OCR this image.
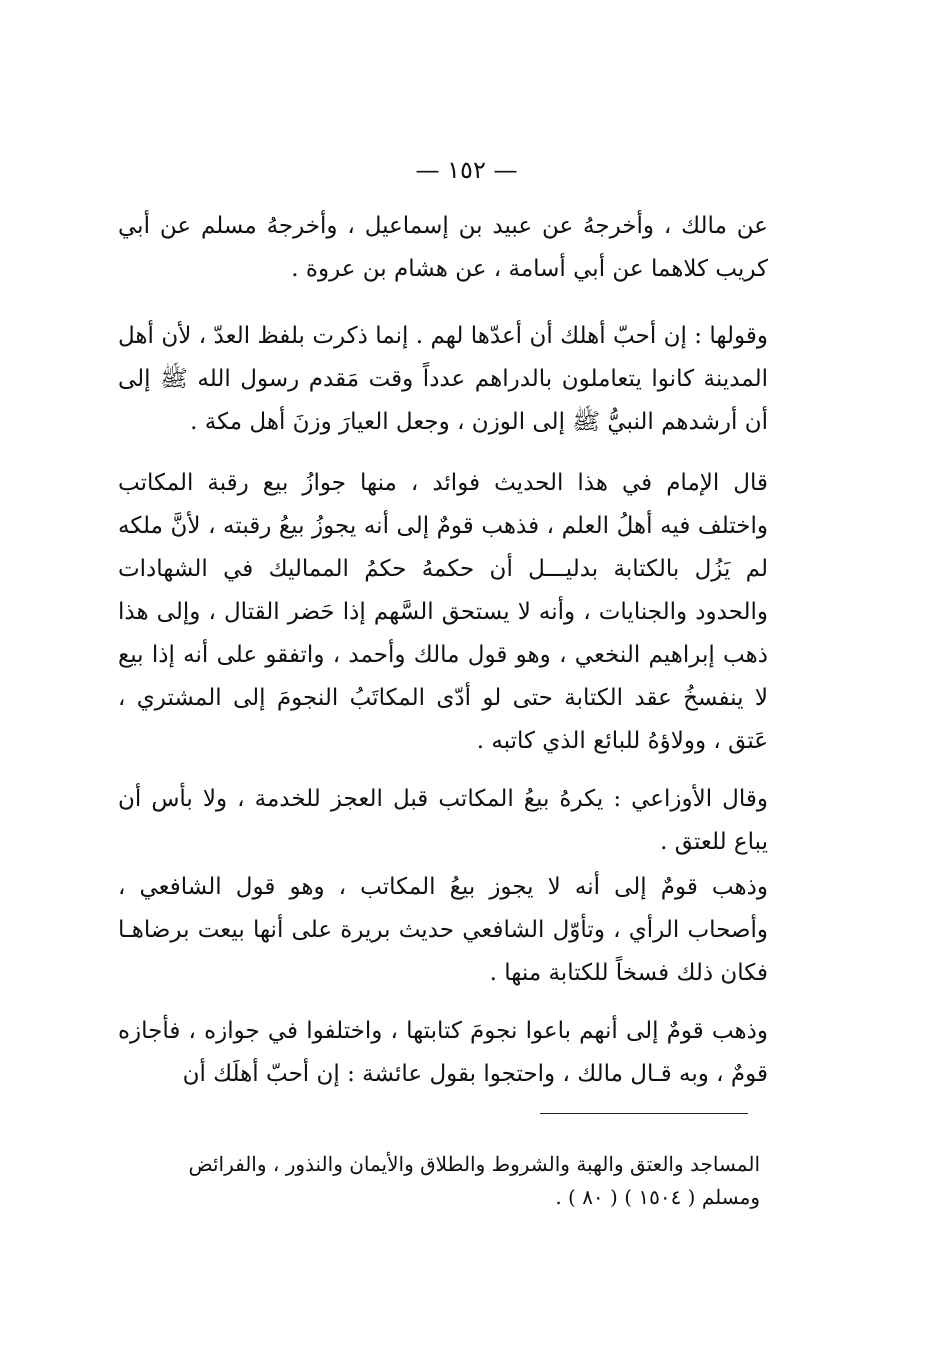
— ١٥٢ —

عن مالك ، وأخرجهُ عن عبيد بن إسماعيل ، وأخرجهُ مسلم عن أبي كريب كلاهما عن أبي أسامة ، عن هشام بن عروة .

وقولها : إن أحبّ أهلك أن أعدّها لهم . إنما ذكرت بلفظ العدّ ، لأن أهل المدينة كانوا يتعاملون بالدراهم عدداً وقت مَقدم رسول الله ﷺ إلى أن أرشدهم النبيُّ ﷺ إلى الوزن ، وجعل العيارَ وزنَ أهل مكة .

قال الإمام في هذا الحديث فوائد ، منها جوازُ بيع رقبة المكاتب واختلف فيه أهلُ العلم ، فذهب قومٌ إلى أنه يجوزُ بيعُ رقبته ، لأنَّ ملكه لم يَزُل بالكتابة بدليـــل أن حكمهُ حكمُ المماليك في الشهادات والحدود والجنايات ، وأنه لا يستحق السَّهم إذا حَضر القتال ، وإلى هذا ذهب إبراهيم النخعي ، وهو قول مالك وأحمد ، واتفقو على أنه إذا بيع لا ينفسخُ عقد الكتابة حتى لو أدّى المكاتَبُ النجومَ إلى المشتري ، عَتق ، وولاؤهُ للبائع الذي كاتبه .

وقال الأوزاعي : يكرهُ بيعُ المكاتب قبل العجز للخدمة ، ولا بأس أن يباع للعتق .

وذهب قومٌ إلى أنه لا يجوز بيعُ المكاتب ، وهو قول الشافعي ، وأصحاب الرأي ، وتأوّل الشافعي حديث بريرة على أنها بيعت برضاهـا فكان ذلك فسخاً للكتابة منها .

وذهب قومٌ إلى أنهم باعوا نجومَ كتابتها ، واختلفوا في جوازه ، فأجازه قومٌ ، وبه قـال مالك ، واحتجوا بقول عائشة : إن أحبّ أهلَك أن

المساجد والعتق والهبة والشروط والطلاق والأيمان والنذور ، والفرائض

ومسلم ( ١٥٠٤ ) ( ٨٠ ) .
